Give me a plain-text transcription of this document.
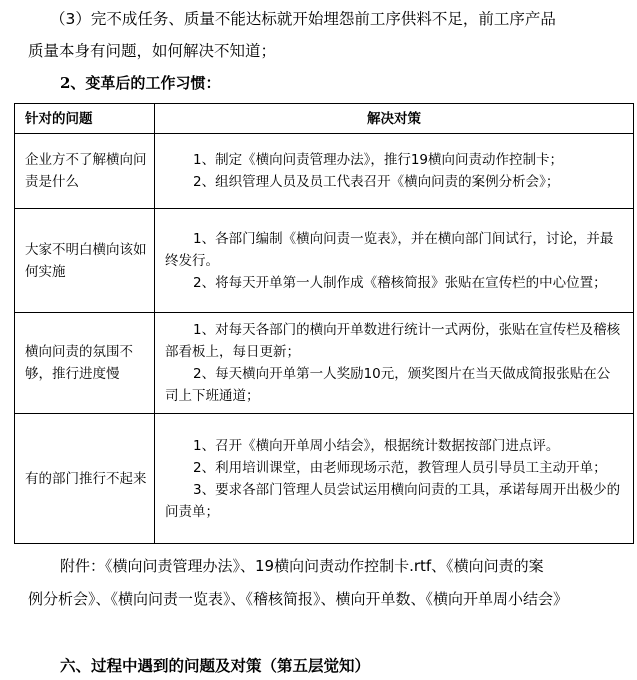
（3）完不成任务、质量不能达标就开始埋怨前工序供料不足，前工序产品
质量本身有问题，如何解决不知道；
2、变革后的工作习惯：
针对的问题	解决对策
企业方不了解横向问责是什么	1、制定《横向问责管理办法》，推行19横向问责动作控制卡；
2、组织管理人员及员工代表召开《横向问责的案例分析会》；

大家不明白横向该如何实施	1、各部门编制《横向问责一览表》，并在横向部门间试行，讨论，并最终发行。
2、将每天开单第一人制作成《稽核简报》张贴在宣传栏的中心位置；

横向问责的氛围不够，推行进度慢	1、对每天各部门的横向开单数进行统计一式两份，张贴在宣传栏及稽核部看板上，每日更新；
2、每天横向开单第一人奖励10元，颁奖图片在当天做成简报张贴在公司上下班通道；

有的部门推行不起来	1、召开《横向开单周小结会》，根据统计数据按部门进点评。
2、利用培训课堂，由老师现场示范，教管理人员引导员工主动开单；
3、要求各部门管理人员尝试运用横向问责的工具，承诺每周开出极少的问责单；
附件：《横向问责管理办法》、19横向问责动作控制卡.rtf、《横向问责的案
例分析会》、《横向问责一览表》、《稽核简报》、横向开单数、《横向开单周小结会》
六、过程中遇到的问题及对策（第五层觉知）
